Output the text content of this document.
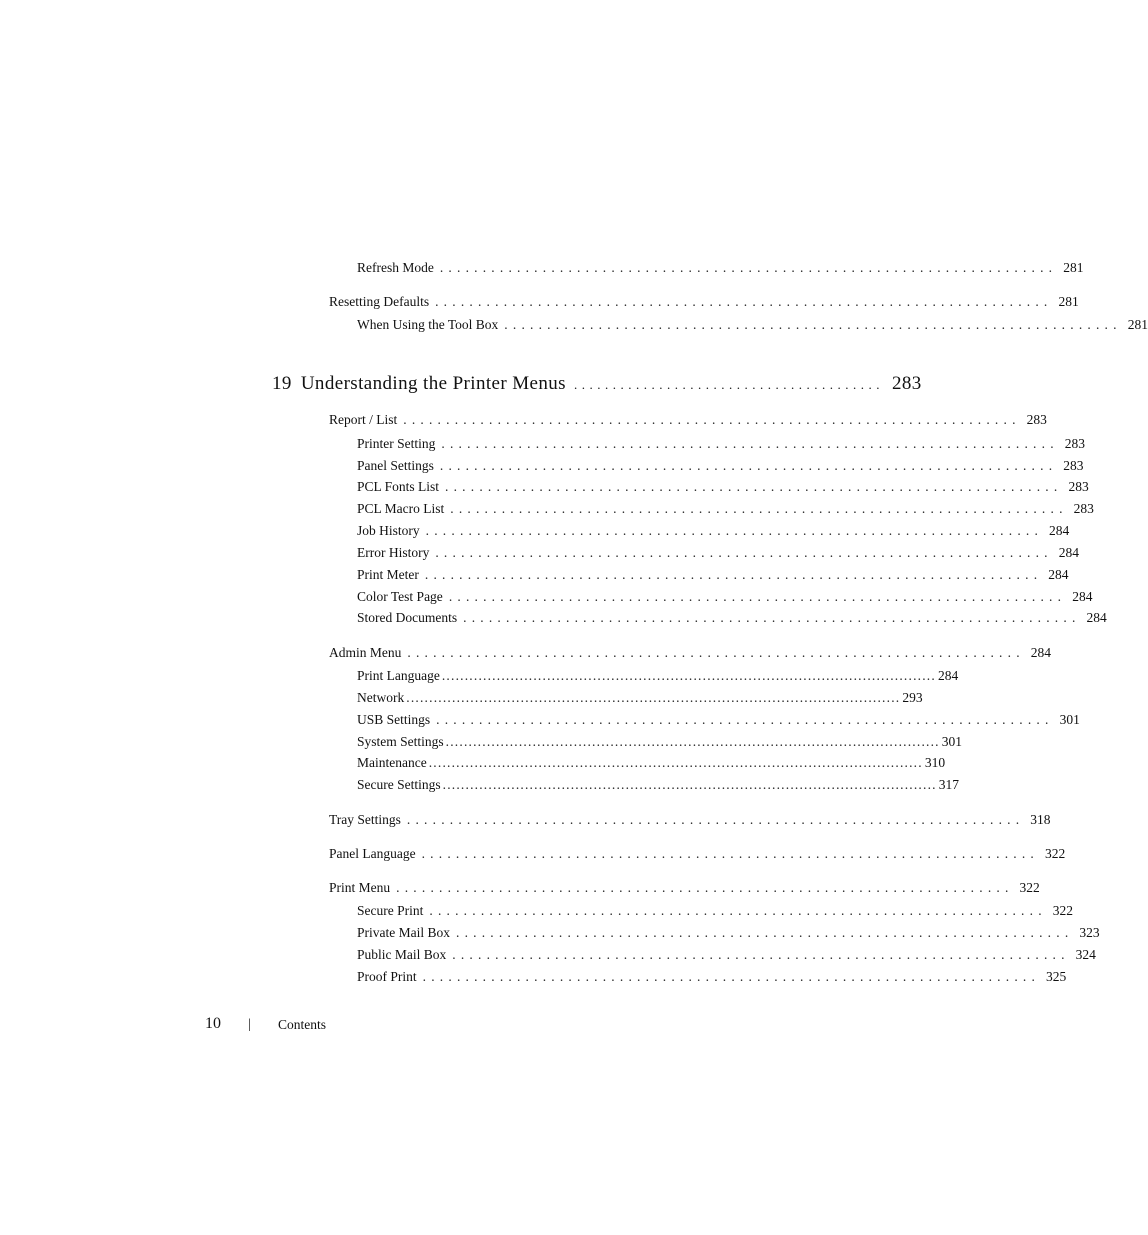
Refresh Mode ........................................................................ 281
Resetting Defaults ........................................................................ 281
When Using the Tool Box ........................................................................ 281
19 Understanding the Printer Menus ........................................ 283
Report / List ........................................................................ 283
Printer Setting ........................................................................ 283
Panel Settings ........................................................................ 283
PCL Fonts List ........................................................................ 283
PCL Macro List ........................................................................ 283
Job History ........................................................................ 284
Error History ........................................................................ 284
Print Meter ........................................................................ 284
Color Test Page ........................................................................ 284
Stored Documents ........................................................................ 284
Admin Menu ........................................................................ 284
Print Language ............................................................................................................ 284
Network ............................................................................................................ 293
USB Settings ........................................................................ 301
System Settings ............................................................................................................ 301
Maintenance ............................................................................................................ 310
Secure Settings ............................................................................................................ 317
Tray Settings ........................................................................ 318
Panel Language ........................................................................ 322
Print Menu ........................................................................ 322
Secure Print ........................................................................ 322
Private Mail Box ........................................................................ 323
Public Mail Box ........................................................................ 324
Proof Print ........................................................................ 325
10 | Contents
